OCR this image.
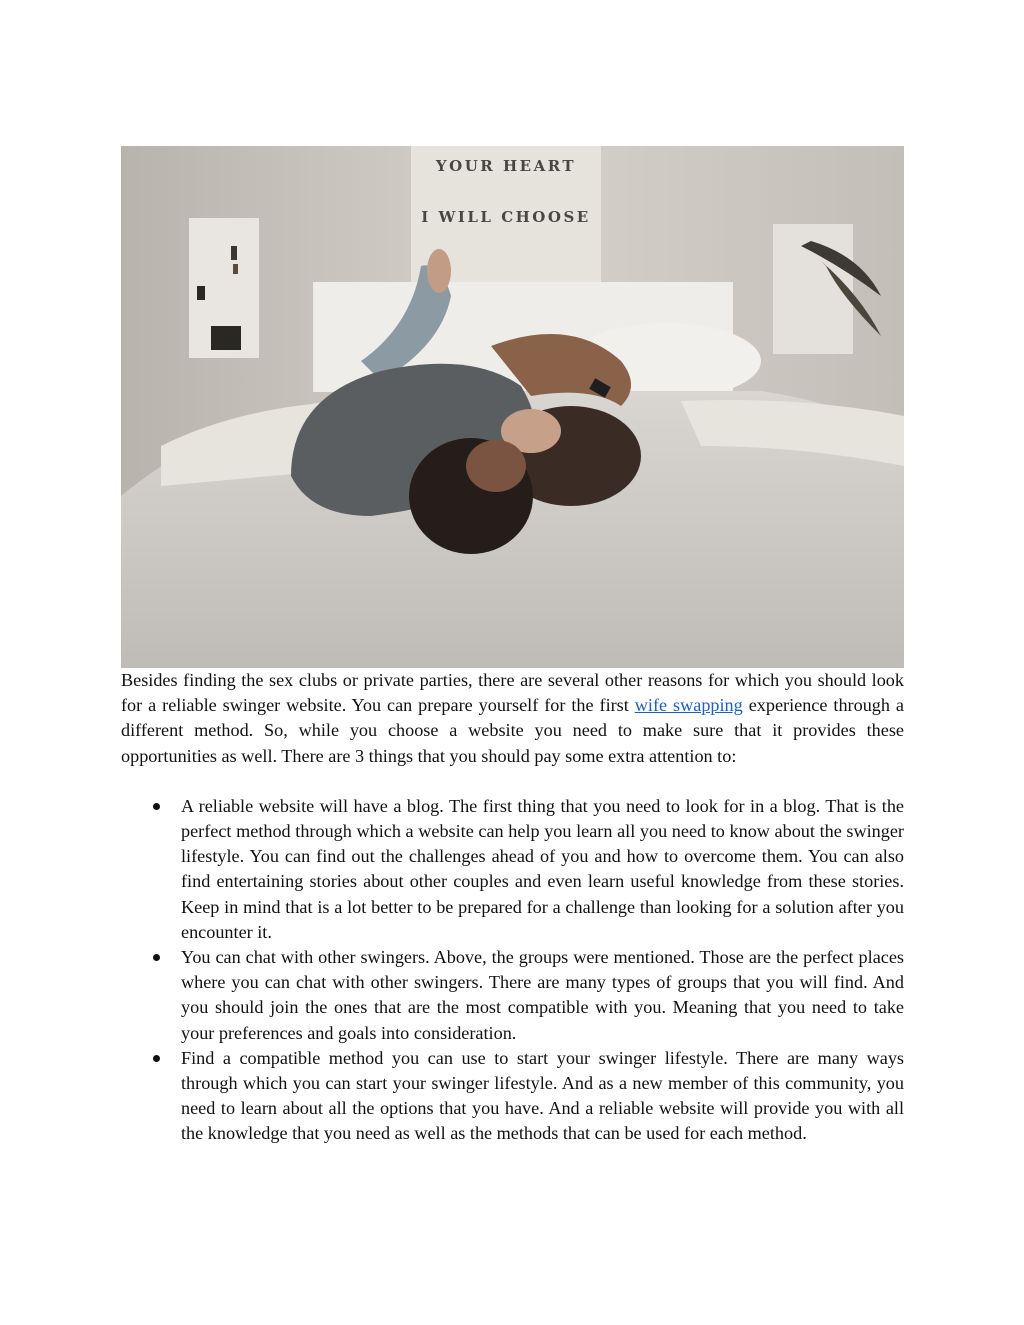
YOUR HEART
I WILL CHOOSE

Besides finding the sex clubs or private parties, there are several other reasons for which you should look for a reliable swinger website. You can prepare yourself for the first wife swapping experience through a different method. So, while you choose a website you need to make sure that it provides these opportunities as well. There are 3 things that you should pay some extra attention to:

A reliable website will have a blog. The first thing that you need to look for in a blog. That is the perfect method through which a website can help you learn all you need to know about the swinger lifestyle. You can find out the challenges ahead of you and how to overcome them. You can also find entertaining stories about other couples and even learn useful knowledge from these stories. Keep in mind that is a lot better to be prepared for a challenge than looking for a solution after you encounter it.
You can chat with other swingers. Above, the groups were mentioned. Those are the perfect places where you can chat with other swingers. There are many types of groups that you will find. And you should join the ones that are the most compatible with you. Meaning that you need to take your preferences and goals into consideration.
Find a compatible method you can use to start your swinger lifestyle. There are many ways through which you can start your swinger lifestyle. And as a new member of this community, you need to learn about all the options that you have. And a reliable website will provide you with all the knowledge that you need as well as the methods that can be used for each method.
